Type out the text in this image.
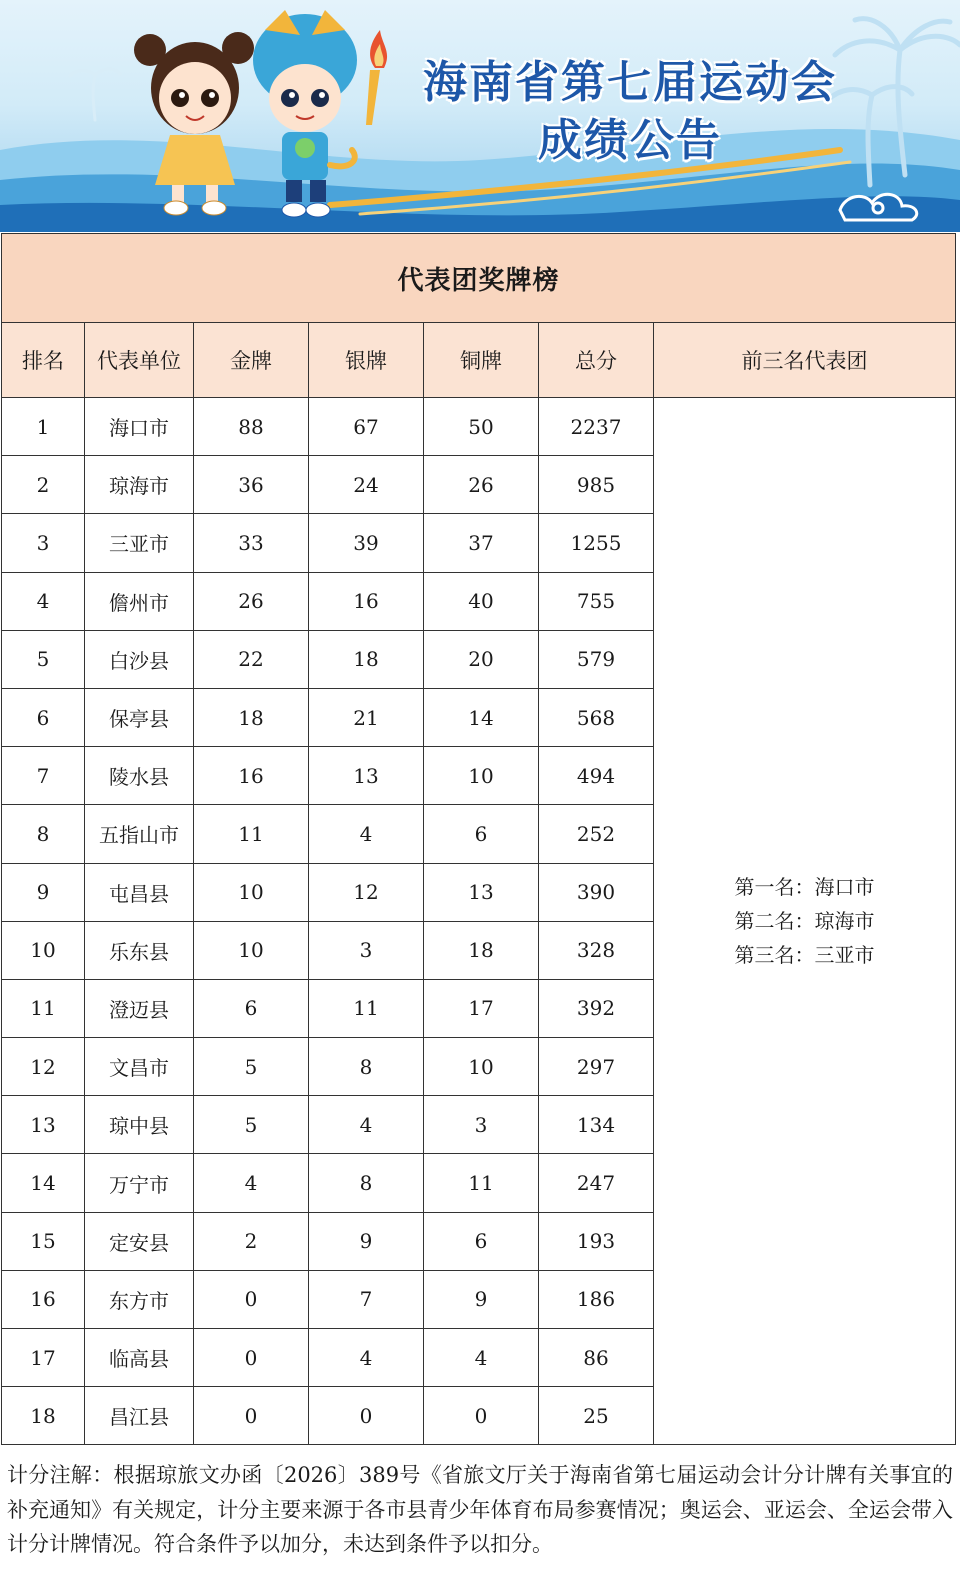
海南省第七届运动会
成绩公告
代表团奖牌榜						
排名	代表单位	金牌	银牌	铜牌	总分	前三名代表团
1	海口市	88	67	50	2237	第一名：海口市
第二名：琼海市
第三名：三亚市

2	琼海市	36	24	26	985	
3	三亚市	33	39	37	1255	
4	儋州市	26	16	40	755	
5	白沙县	22	18	20	579	
6	保亭县	18	21	14	568	
7	陵水县	16	13	10	494	
8	五指山市	11	4	6	252	
9	屯昌县	10	12	13	390	
10	乐东县	10	3	18	328	
11	澄迈县	6	11	17	392	
12	文昌市	5	8	10	297	
13	琼中县	5	4	3	134	
14	万宁市	4	8	11	247	
15	定安县	2	9	6	193	
16	东方市	0	7	9	186	
17	临高县	0	4	4	86	
18	昌江县	0	0	0	25	
计分注解：根据琼旅文办函〔2026〕389号《省旅文厅关于海南省第七届运动会计分计牌有关事宜的补充通知》有关规定，计分主要来源于各市县青少年体育布局参赛情况；奥运会、亚运会、全运会带入计分计牌情况。符合条件予以加分，未达到条件予以扣分。
